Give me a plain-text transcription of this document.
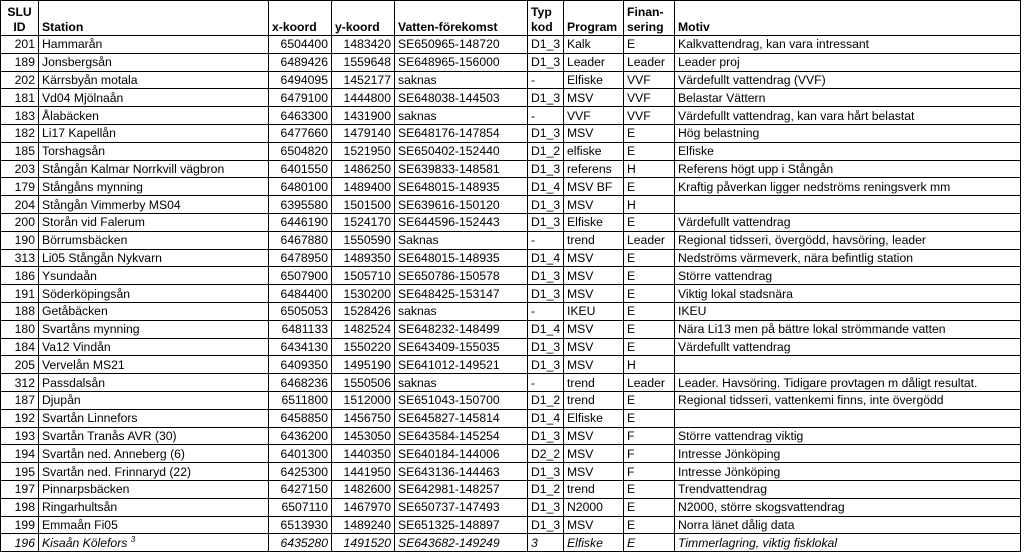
SLU ID	Station	x-koord	y-koord	Vatten-förekomst	Typ kod	Program	Finan-sering	Motiv
201	Hammarån	6504400	1483420	SE650965-148720	D1_3	Kalk	E	Kalkvattendrag, kan vara intressant
189	Jonsbergsån	6489426	1559648	SE648965-156000	D1_3	Leader	Leader	Leader proj
202	Kärrsbyån motala	6494095	1452177	saknas	-	Elfiske	VVF	Värdefullt vattendrag (VVF)
181	Vd04 Mjölnaån	6479100	1444800	SE648038-144503	D1_3	MSV	VVF	Belastar Vättern
183	Ålabäcken	6463300	1431900	saknas	-	VVF	VVF	Värdefullt vattendrag, kan vara hårt belastat
182	Li17 Kapellån	6477660	1479140	SE648176-147854	D1_3	MSV	E	Hög belastning
185	Torshagsån	6504820	1521950	SE650402-152440	D1_2	elfiske	E	Elfiske
203	Stångån Kalmar Norrkvill vägbron	6401550	1486250	SE639833-148581	D1_3	referens	H	Referens högt upp i Stångån
179	Stångåns mynning	6480100	1489400	SE648015-148935	D1_4	MSV BF	E	Kraftig påverkan ligger nedströms reningsverk mm
204	Stångån Vimmerby MS04	6395580	1501500	SE639616-150120	D1_3	MSV	H	
200	Storån vid Falerum	6446190	1524170	SE644596-152443	D1_3	Elfiske	E	Värdefullt vattendrag
190	Börrumsbäcken	6467880	1550590	Saknas	-	trend	Leader	Regional tidsseri, övergödd, havsöring, leader
313	Li05 Stångån Nykvarn	6478950	1489350	SE648015-148935	D1_4	MSV	E	Nedströms värmeverk, nära befintlig station
186	Ysundaån	6507900	1505710	SE650786-150578	D1_3	MSV	E	Större vattendrag
191	Söderköpingsån	6484400	1530200	SE648425-153147	D1_3	MSV	E	Viktig lokal stadsnära
188	Getåbäcken	6505053	1528426	saknas	-	IKEU	E	IKEU
180	Svartåns mynning	6481133	1482524	SE648232-148499	D1_4	MSV	E	Nära Li13 men på bättre lokal strömmande vatten
184	Va12 Vindån	6434130	1550220	SE643409-155035	D1_3	MSV	E	Värdefullt vattendrag
205	Vervelån MS21	6409350	1495190	SE641012-149521	D1_3	MSV	H	
312	Passdalsån	6468236	1550506	saknas	-	trend	Leader	Leader. Havsöring. Tidigare provtagen m dåligt resultat.
187	Djupån	6511800	1512000	SE651043-150700	D1_2	trend	E	Regional tidsseri, vattenkemi finns, inte övergödd
192	Svartån Linnefors	6458850	1456750	SE645827-145814	D1_4	Elfiske	E	
193	Svartån Tranås AVR (30)	6436200	1453050	SE643584-145254	D1_3	MSV	F	Större vattendrag viktig
194	Svartån ned. Anneberg (6)	6401300	1440350	SE640184-144006	D2_2	MSV	F	Intresse Jönköping
195	Svartån ned. Frinnaryd (22)	6425300	1441950	SE643136-144463	D1_3	MSV	F	Intresse Jönköping
197	Pinnarpsbäcken	6427150	1482600	SE642981-148257	D1_2	trend	E	Trendvattendrag
198	Ringarhultsån	6507110	1467970	SE650737-147493	D1_3	N2000	E	N2000, större skogsvattendrag
199	Emmaån Fi05	6513930	1489240	SE651325-148897	D1_3	MSV	E	Norra länet dålig data
196	Kisaån Kölefors $^3$	6435280	1491520	SE643682-149249	3	Elfiske	E	Timmerlagring, viktig fisklokal
